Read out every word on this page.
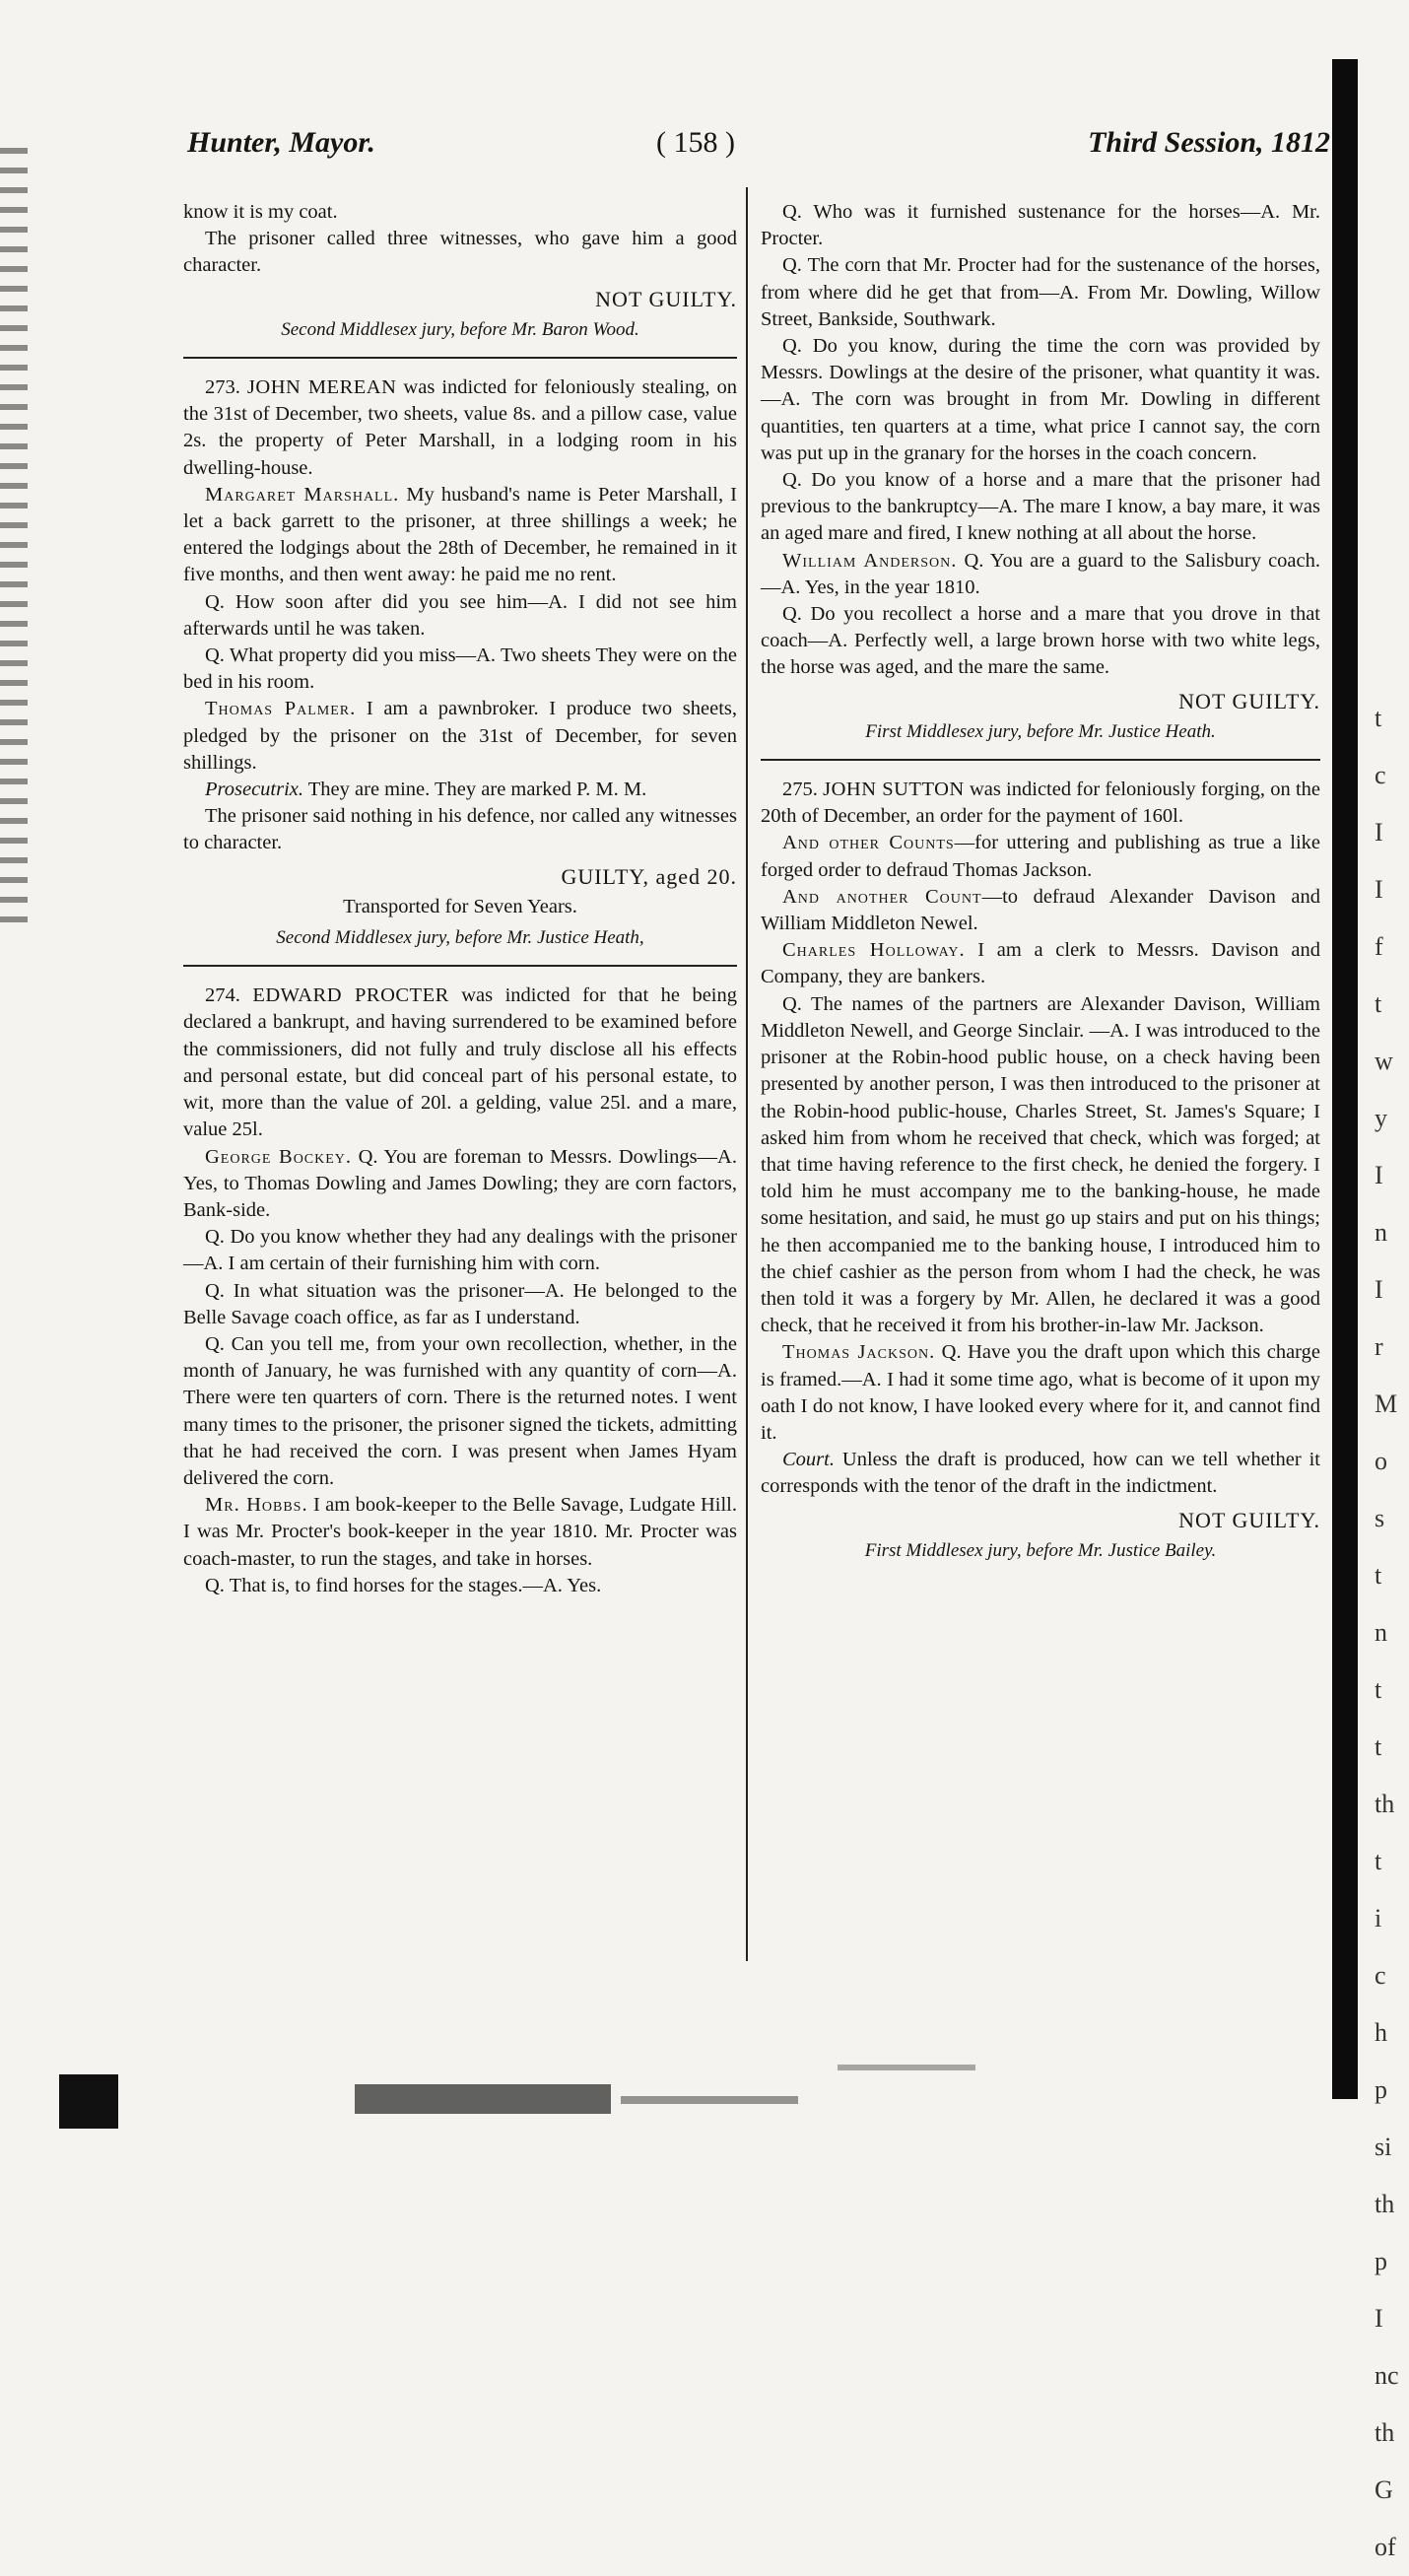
t
c
I
I
f
t
w
y
I
n
I
r
M
o
s
t
n
t
t
th
t
i
c
h
p
si
th
p
I
nc
th
G
of
Hunter, Mayor.	( 158 )	Third Session, 1812

know it is my coat.

The prisoner called three witnesses, who gave him a good character.

NOT GUILTY.
Second Middlesex jury, before Mr. Baron Wood.

273. JOHN MEREAN was indicted for feloniously stealing, on the 31st of December, two sheets, value 8s. and a pillow case, value 2s. the property of Peter Marshall, in a lodging room in his dwelling-house.

Margaret Marshall. My husband's name is Peter Marshall, I let a back garrett to the prisoner, at three shillings a week; he entered the lodgings about the 28th of December, he remained in it five months, and then went away: he paid me no rent.

Q. How soon after did you see him—A. I did not see him afterwards until he was taken.

Q. What property did you miss—A. Two sheets They were on the bed in his room.

Thomas Palmer. I am a pawnbroker. I produce two sheets, pledged by the prisoner on the 31st of December, for seven shillings.

Prosecutrix. They are mine. They are marked P. M. M.

The prisoner said nothing in his defence, nor called any witnesses to character.

GUILTY, aged 20.
Transported for Seven Years.
Second Middlesex jury, before Mr. Justice Heath,

274. EDWARD PROCTER was indicted for that he being declared a bankrupt, and having surrendered to be examined before the commissioners, did not fully and truly disclose all his effects and personal estate, but did conceal part of his personal estate, to wit, more than the value of 20l. a gelding, value 25l. and a mare, value 25l.

George Bockey. Q. You are foreman to Messrs. Dowlings—A. Yes, to Thomas Dowling and James Dowling; they are corn factors, Bank-side.

Q. Do you know whether they had any dealings with the prisoner—A. I am certain of their furnishing him with corn.

Q. In what situation was the prisoner—A. He belonged to the Belle Savage coach office, as far as I understand.

Q. Can you tell me, from your own recollection, whether, in the month of January, he was furnished with any quantity of corn—A. There were ten quarters of corn. There is the returned notes. I went many times to the prisoner, the prisoner signed the tickets, admitting that he had received the corn. I was present when James Hyam delivered the corn.

Mr. Hobbs. I am book-keeper to the Belle Savage, Ludgate Hill. I was Mr. Procter's book-keeper in the year 1810. Mr. Procter was coach-master, to run the stages, and take in horses.

Q. That is, to find horses for the stages.—A. Yes.

Q. Who was it furnished sustenance for the horses—A. Mr. Procter.

Q. The corn that Mr. Procter had for the sustenance of the horses, from where did he get that from—A. From Mr. Dowling, Willow Street, Bankside, Southwark.

Q. Do you know, during the time the corn was provided by Messrs. Dowlings at the desire of the prisoner, what quantity it was.—A. The corn was brought in from Mr. Dowling in different quantities, ten quarters at a time, what price I cannot say, the corn was put up in the granary for the horses in the coach concern.

Q. Do you know of a horse and a mare that the prisoner had previous to the bankruptcy—A. The mare I know, a bay mare, it was an aged mare and fired, I knew nothing at all about the horse.

William Anderson. Q. You are a guard to the Salisbury coach.—A. Yes, in the year 1810.

Q. Do you recollect a horse and a mare that you drove in that coach—A. Perfectly well, a large brown horse with two white legs, the horse was aged, and the mare the same.

NOT GUILTY.
First Middlesex jury, before Mr. Justice Heath.

275. JOHN SUTTON was indicted for feloniously forging, on the 20th of December, an order for the payment of 160l.

And other Counts—for uttering and publishing as true a like forged order to defraud Thomas Jackson.

And another Count—to defraud Alexander Davison and William Middleton Newel.

Charles Holloway. I am a clerk to Messrs. Davison and Company, they are bankers.

Q. The names of the partners are Alexander Davison, William Middleton Newell, and George Sinclair. —A. I was introduced to the prisoner at the Robin-hood public house, on a check having been presented by another person, I was then introduced to the prisoner at the Robin-hood public-house, Charles Street, St. James's Square; I asked him from whom he received that check, which was forged; at that time having reference to the first check, he denied the forgery. I told him he must accompany me to the banking-house, he made some hesitation, and said, he must go up stairs and put on his things; he then accompanied me to the banking house, I introduced him to the chief cashier as the person from whom I had the check, he was then told it was a forgery by Mr. Allen, he declared it was a good check, that he received it from his brother-in-law Mr. Jackson.

Thomas Jackson. Q. Have you the draft upon which this charge is framed.—A. I had it some time ago, what is become of it upon my oath I do not know, I have looked every where for it, and cannot find it.

Court. Unless the draft is produced, how can we tell whether it corresponds with the tenor of the draft in the indictment.

NOT GUILTY.
First Middlesex jury, before Mr. Justice Bailey.
